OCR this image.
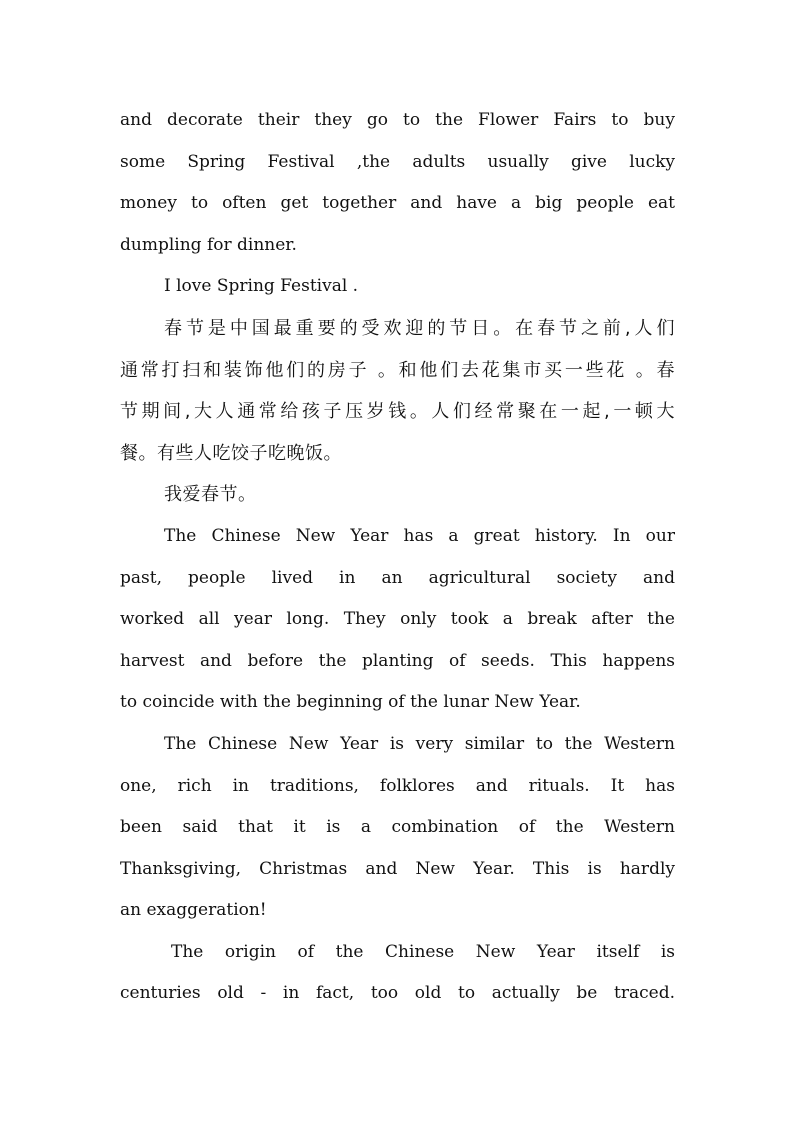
and decorate their they go to the Flower Fairs to buy
some Spring Festival ,the adults usually give lucky
money to often get together and have a big people eat
dumpling for dinner.

I love Spring Festival .

春节是中国最重要的受欢迎的节日。在春节之前,人们
通常打扫和装饰他们的房子 。和他们去花集市买一些花 。春
节期间,大人通常给孩子压岁钱。人们经常聚在一起,一顿大
餐。有些人吃饺子吃晚饭。

我爱春节。

The Chinese New Year has a great history. In our
past, people lived in an agricultural society and
worked all year long. They only took a break after the
harvest and before the planting of seeds. This happens
to coincide with the beginning of the lunar New Year.

The Chinese New Year is very similar to the Western
one, rich in traditions, folklores and rituals. It has
been said that it is a combination of the Western
Thanksgiving, Christmas and New Year. This is hardly
an exaggeration!

The origin of the Chinese New Year itself is
centuries old - in fact, too old to actually be traced.
